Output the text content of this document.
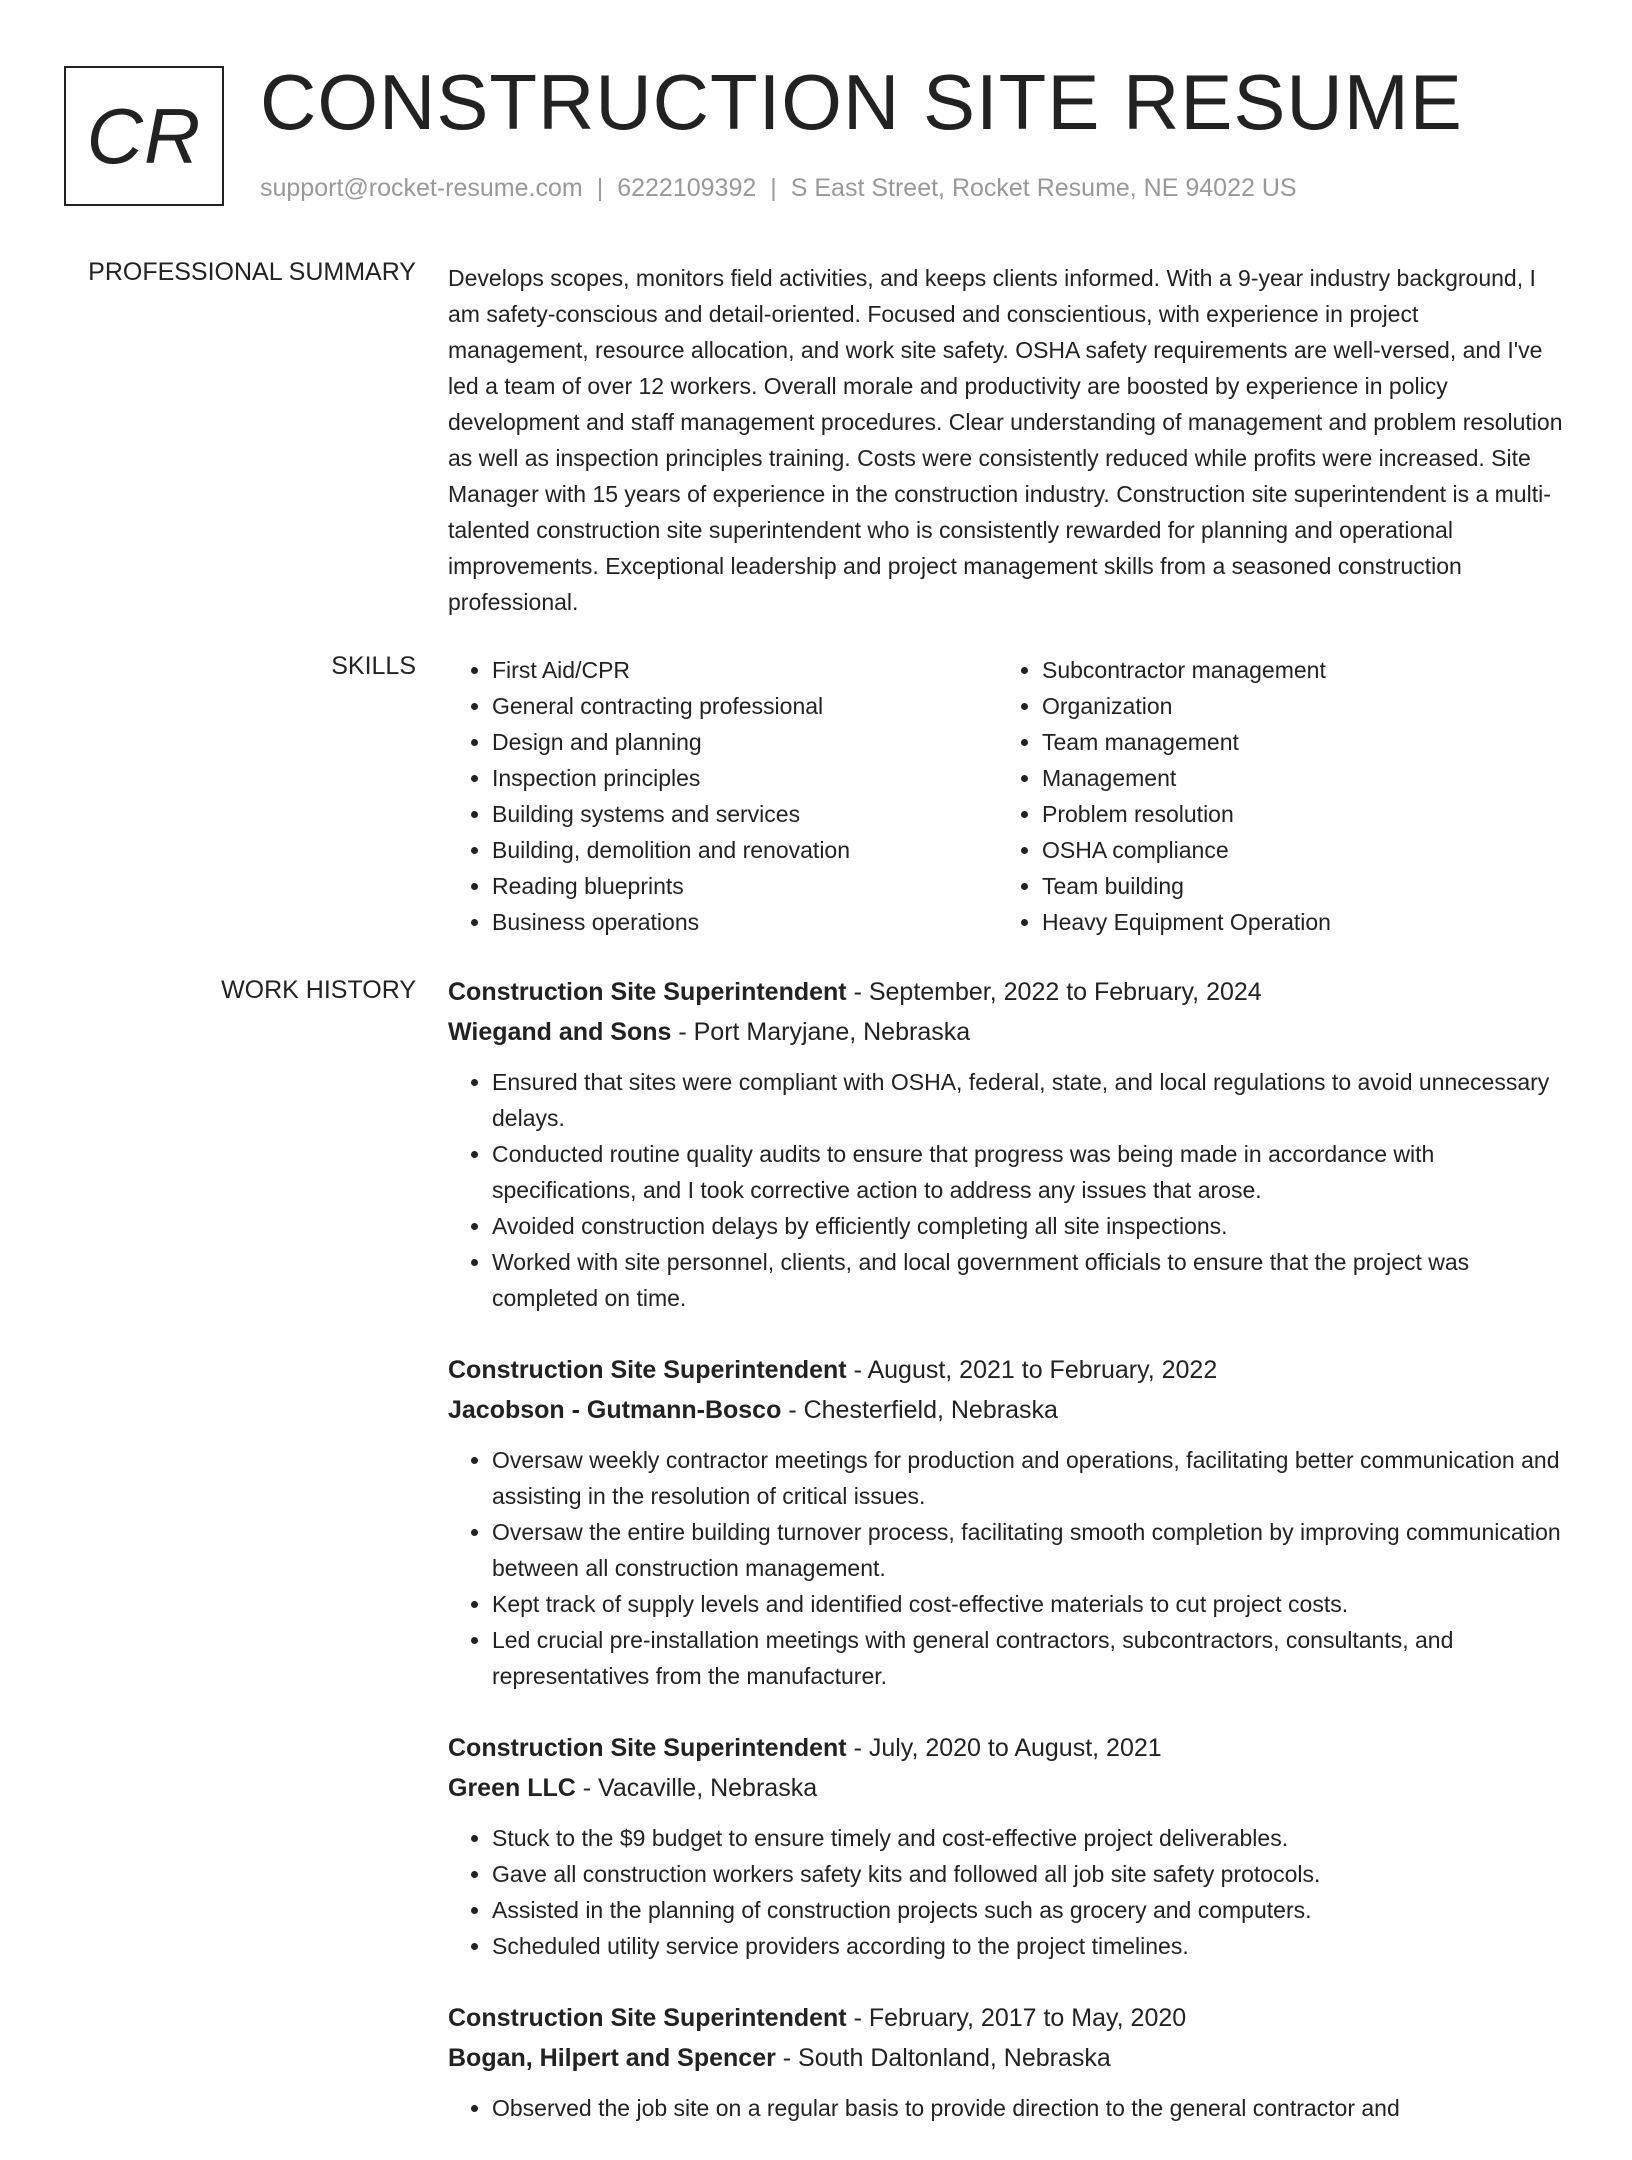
CR CONSTRUCTION SITE RESUME
support@rocket-resume.com | 6222109392 | S East Street, Rocket Resume, NE 94022 US
PROFESSIONAL SUMMARY Develops scopes, monitors field activities, and keeps clients informed. With a 9-year industry background, I am safety-conscious and detail-oriented. Focused and conscientious, with experience in project management, resource allocation, and work site safety. OSHA safety requirements are well-versed, and I've led a team of over 12 workers. Overall morale and productivity are boosted by experience in policy development and staff management procedures. Clear understanding of management and problem resolution as well as inspection principles training. Costs were consistently reduced while profits were increased. Site Manager with 15 years of experience in the construction industry. Construction site superintendent is a multi-talented construction site superintendent who is consistently rewarded for planning and operational improvements. Exceptional leadership and project management skills from a seasoned construction professional.
SKILLS
•	First Aid/CPR
• General contracting professional
• Design and planning
• Inspection principles
• Building systems and services
• Building, demolition and renovation
• Reading blueprints
• Business operations
• Subcontractor management
• Organization
• Team management
• Management
• Problem resolution
• OSHA compliance
• Team building
• Heavy Equipment Operation
WORK HISTORY Construction Site Superintendent - September, 2022 to February, 2024
Wiegand and Sons - Port Maryjane, Nebraska
• Ensured that sites were compliant with OSHA, federal, state, and local regulations to avoid unnecessary delays.
• Conducted routine quality audits to ensure that progress was being made in accordance with specifications, and I took corrective action to address any issues that arose.
• Avoided construction delays by efficiently completing all site inspections.
• Worked with site personnel, clients, and local government officials to ensure that the project was completed on time.
Construction Site Superintendent - August, 2021 to February, 2022
Jacobson - Gutmann-Bosco - Chesterfield, Nebraska
• Oversaw weekly contractor meetings for production and operations, facilitating better communication and assisting in the resolution of critical issues.
• Oversaw the entire building turnover process, facilitating smooth completion by improving communication between all construction management.
• Kept track of supply levels and identified cost-effective materials to cut project costs.
• Led crucial pre-installation meetings with general contractors, subcontractors, consultants, and representatives from the manufacturer.
Construction Site Superintendent - July, 2020 to August, 2021
Green LLC - Vacaville, Nebraska
• Stuck to the $9 budget to ensure timely and cost-effective project deliverables.
• Gave all construction workers safety kits and followed all job site safety protocols.
• Assisted in the planning of construction projects such as grocery and computers.
• Scheduled utility service providers according to the project timelines.
Construction Site Superintendent - February, 2017 to May, 2020
Bogan, Hilpert and Spencer - South Daltonland, Nebraska
• Observed the job site on a regular basis to provide direction to the general contractor and
